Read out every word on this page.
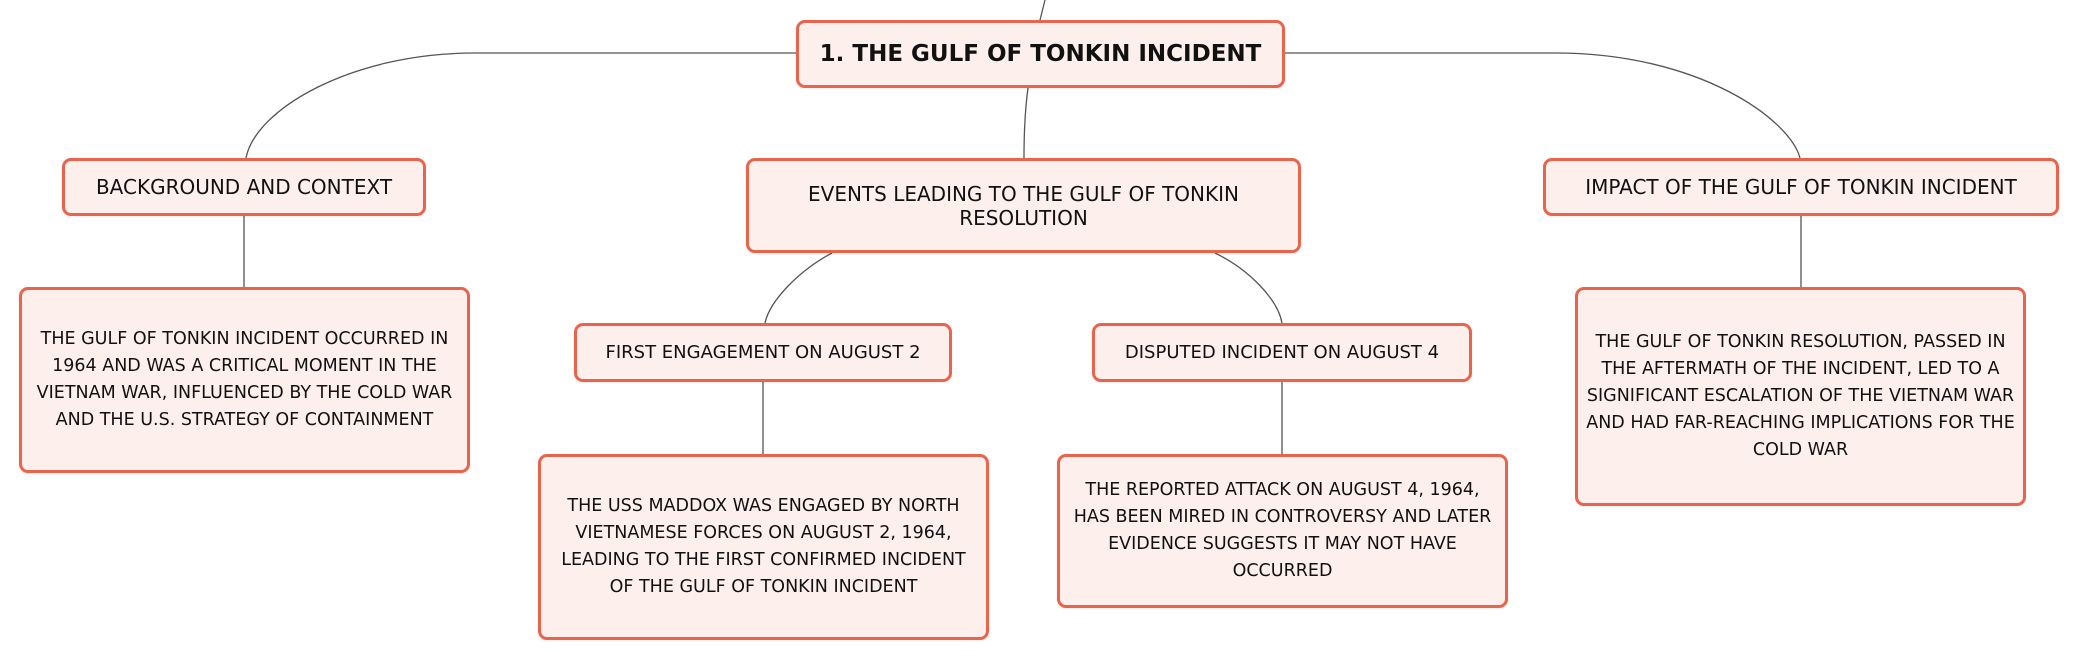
1. THE GULF OF TONKIN INCIDENT
BACKGROUND AND CONTEXT	EVENTS LEADING TO THE GULF OF TONKIN RESOLUTION
IMPACT OF THE GULF OF TONKIN INCIDENT
THE GULF OF TONKIN INCIDENT OCCURRED IN 1964 AND WAS A CRITICAL MOMENT IN THE VIETNAM WAR, INFLUENCED BY THE COLD WAR AND THE U.S. STRATEGY OF CONTAINMENT
FIRST ENGAGEMENT ON AUGUST 2	DISPUTED INCIDENT ON AUGUST 4	THE GULF OF TONKIN RESOLUTION, PASSED IN THE AFTERMATH OF THE INCIDENT, LED TO A SIGNIFICANT ESCALATION OF THE VIETNAM WAR AND HAD FAR-REACHING IMPLICATIONS FOR THE COLD WAR
THE USS MADDOX WAS ENGAGED BY NORTH VIETNAMESE FORCES ON AUGUST 2, 1964, LEADING TO THE FIRST CONFIRMED INCIDENT OF THE GULF OF TONKIN INCIDENT
THE REPORTED ATTACK ON AUGUST 4, 1964, HAS BEEN MIRED IN CONTROVERSY AND LATER EVIDENCE SUGGESTS IT MAY NOT HAVE OCCURRED
